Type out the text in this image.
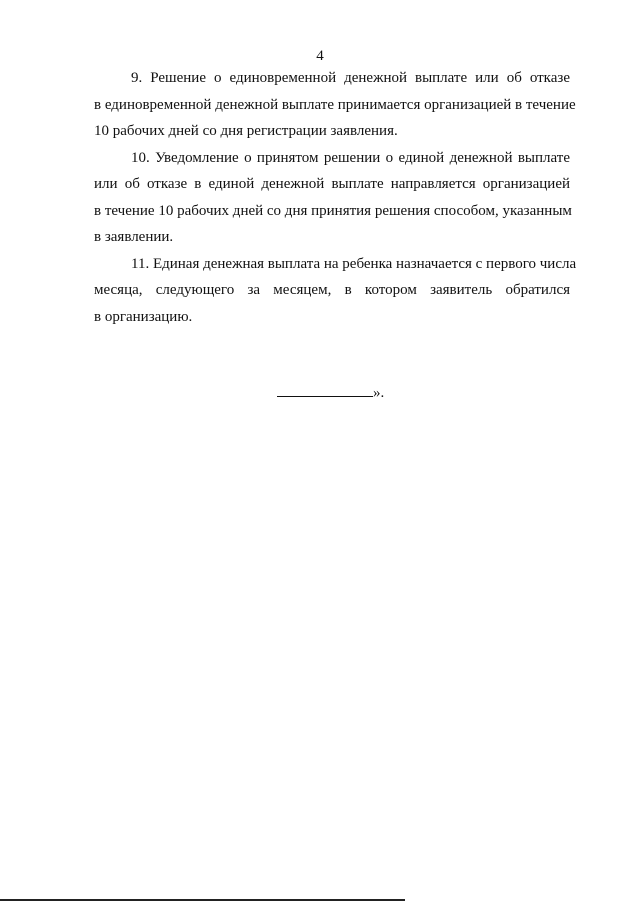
4
9. Решение о единовременной денежной выплате или об отказе
в единовременной денежной выплате принимается организацией в течение
10 рабочих дней со дня регистрации заявления.
10. Уведомление о принятом решении о единой денежной выплате
или об отказе в единой денежной выплате направляется организацией
в течение 10 рабочих дней со дня принятия решения способом, указанным
в заявлении.
11. Единая денежная выплата на ребенка назначается с первого числа
месяца, следующего за месяцем, в котором заявитель обратился
в организацию.
».
